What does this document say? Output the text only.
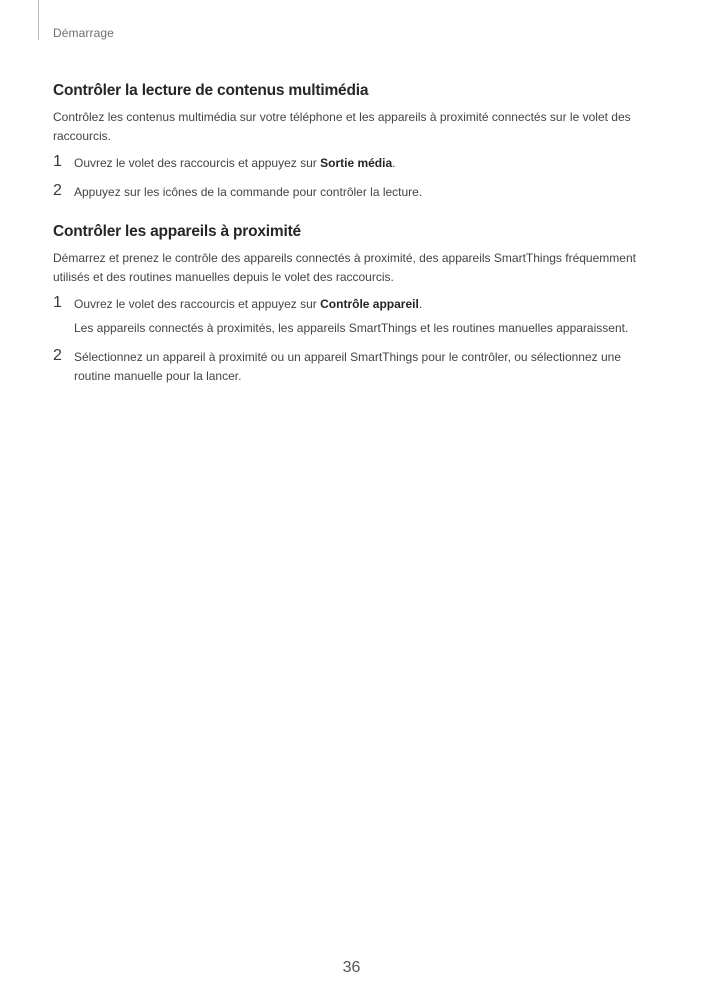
Démarrage
Contrôler la lecture de contenus multimédia

Contrôlez les contenus multimédia sur votre téléphone et les appareils à proximité connectés sur le volet des raccourcis.

1 Ouvrez le volet des raccourcis et appuyez sur Sortie média.
2 Appuyez sur les icônes de la commande pour contrôler la lecture.
Contrôler les appareils à proximité

Démarrez et prenez le contrôle des appareils connectés à proximité, des appareils SmartThings fréquemment utilisés et des routines manuelles depuis le volet des raccourcis.

1 Ouvrez le volet des raccourcis et appuyez sur Contrôle appareil.
Les appareils connectés à proximités, les appareils SmartThings et les routines manuelles apparaissent.
2 Sélectionnez un appareil à proximité ou un appareil SmartThings pour le contrôler, ou sélectionnez une routine manuelle pour la lancer.
36
